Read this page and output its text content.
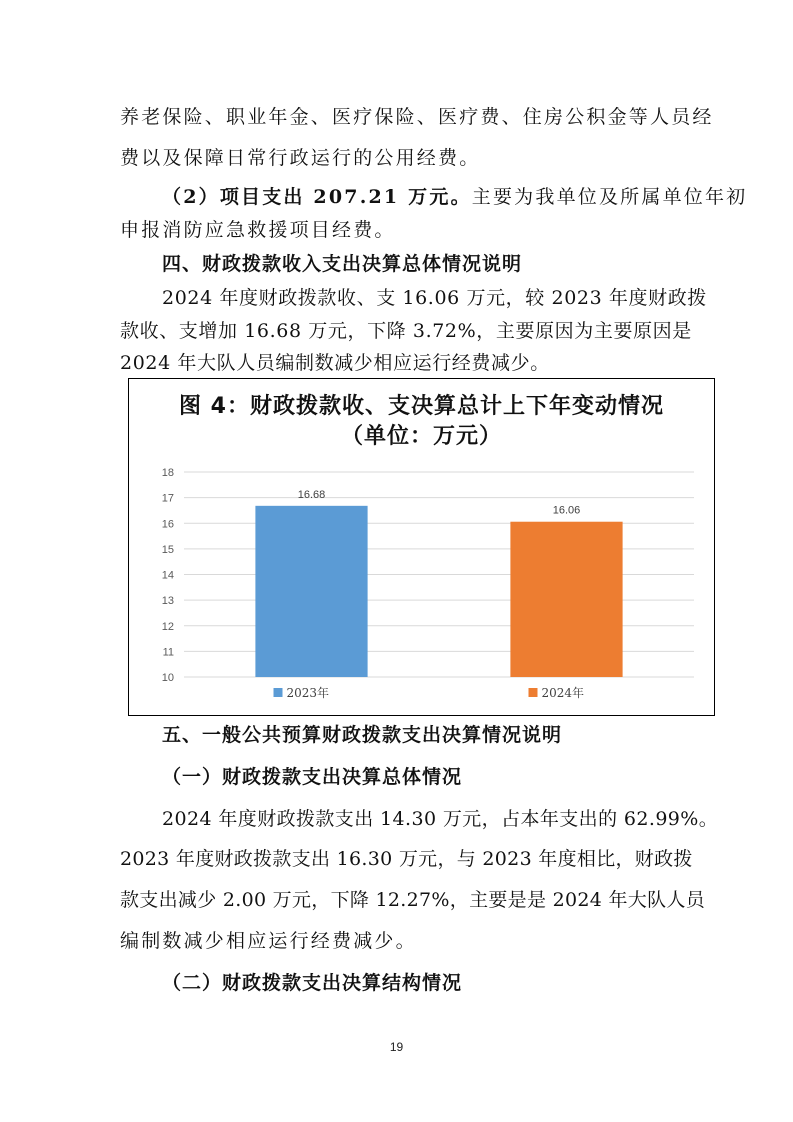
养老保险、职业年金、医疗保险、医疗费、住房公积金等人员经
费以及保障日常行政运行的公用经费。
（2）项目支出 207.21 万元。主要为我单位及所属单位年初
申报消防应急救援项目经费。
四、财政拨款收入支出决算总体情况说明
2024 年度财政拨款收、支 16.06 万元，较 2023 年度财政拨
款收、支增加 16.68 万元，下降 3.72%，主要原因为主要原因是
2024 年大队人员编制数减少相应运行经费减少。
图 4：财政拨款收、支决算总计上下年变动情况
（单位：万元）
10
11
12
13
14
15
16
17
18
16.68
16.06
2023年	2024年
五、一般公共预算财政拨款支出决算情况说明
（一）财政拨款支出决算总体情况
2024 年度财政拨款支出 14.30 万元，占本年支出的 62.99%。
2023 年度财政拨款支出 16.30 万元，与 2023 年度相比，财政拨
款支出减少 2.00 万元，下降 12.27%，主要是是 2024 年大队人员
编制数减少相应运行经费减少。
（二）财政拨款支出决算结构情况
19
